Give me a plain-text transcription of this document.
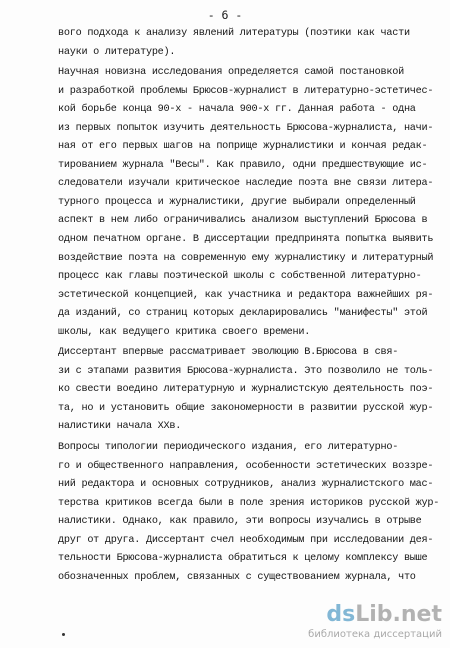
- 6 -
вого подхода к анализу явлений литературы (поэтики как части
науки о литературе).
Научная новизна исследования определяется самой постановкой
и разработкой проблемы Брюсов-журналист в литературно-эстетичес-
кой борьбе конца 90-х - начала 900-х гг. Данная работа - одна
из первых попыток изучить деятельность Брюсова-журналиста, начи-
ная от его первых шагов на поприще журналистики и кончая редак-
тированием журнала "Весы". Как правило, одни предшествующие ис-
следователи изучали критическое наследие поэта вне связи литера-
турного процесса и журналистики, другие выбирали определенный
аспект в нем либо ограничивались анализом выступлений Брюсова в
одном печатном органе. В диссертации предпринята попытка выявить
воздействие поэта на современную ему журналистику и литературный
процесс как главы поэтической школы с собственной литературно-
эстетической концепцией, как участника и редактора важнейших ря-
да изданий, со страниц которых декларировались "манифесты" этой
школы, как ведущего критика своего времени.
Диссертант впервые рассматривает эволюцию В.Брюсова в свя-
зи с этапами развития Брюсова-журналиста. Это позволило не толь-
ко свести воедино литературную и журналистскую деятельность поэ-
та, но и установить общие закономерности в развитии русской жур-
налистики начала ХХв.
Вопросы типологии периодического издания, его литературно-
го и общественного направления, особенности эстетических воззре-
ний редактора и основных сотрудников, анализ журналистского мас-
терства критиков всегда были в поле зрения историков русской жур-
налистики. Однако, как правило, эти вопросы изучались в отрыве
друг от друга. Диссертант счел необходимым при исследовании дея-
тельности Брюсова-журналиста обратиться к целому комплексу выше
обозначенных проблем, связанных с существованием журнала, что
dsLib.net
библиотека диссертаций
